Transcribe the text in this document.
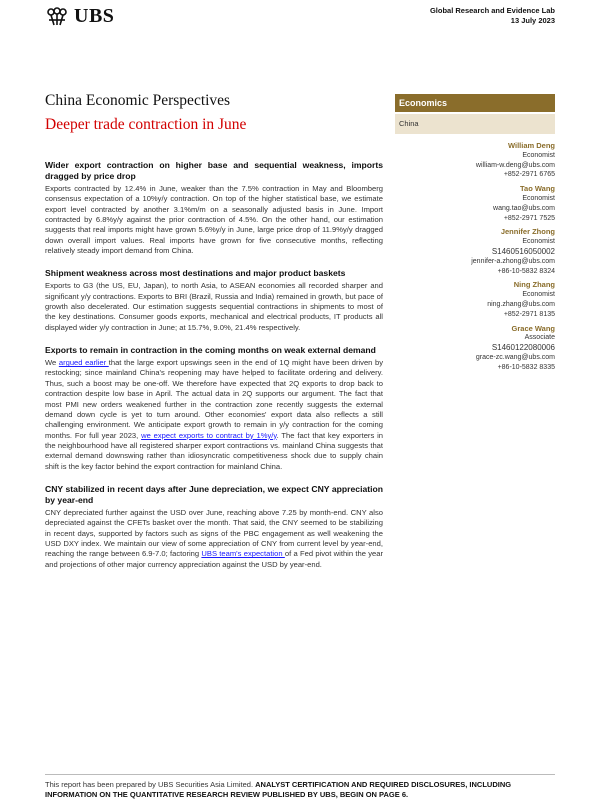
UBS	Global Research and Evidence Lab
13 July 2023
China Economic Perspectives
Deeper trade contraction in June
Economics
China
William Deng
Economist
william-w.deng@ubs.com
+852-2971 6765
Tao Wang
Economist
wang.tao@ubs.com
+852-2971 7525
Jennifer Zhong
Economist
S1460516050002
jennifer-a.zhong@ubs.com
+86-10-5832 8324
Ning Zhang
Economist
ning.zhang@ubs.com
+852-2971 8135
Grace Wang
Associate
S1460122080006
grace-zc.wang@ubs.com
+86-10-5832 8335
Wider export contraction on higher base and sequential weakness, imports dragged by price drop

Exports contracted by 12.4% in June, weaker than the 7.5% contraction in May and Bloomberg consensus expectation of a 10%y/y contraction. On top of the higher statistical base, we estimate export level contracted by another 3.1%m/m on a seasonally adjusted basis in June. Import contracted by 6.8%y/y against the prior contraction of 4.5%. On the other hand, our estimation suggests that real imports might have grown 5.6%y/y in June, large price drop of 11.9%y/y dragged down overall import values. Real imports have grown for five consecutive months, reflecting relatively steady import demand from China.

Shipment weakness across most destinations and major product baskets

Exports to G3 (the US, EU, Japan), to north Asia, to ASEAN economies all recorded sharper and significant y/y contractions. Exports to BRI (Brazil, Russia and India) remained in growth, but pace of growth also decelerated. Our estimation suggests sequential contractions in shipments to most of the key destinations. Consumer goods exports, mechanical and electrical products, IT products all displayed wider y/y contraction in June; at 15.7%, 9.0%, 21.4% respectively.

Exports to remain in contraction in the coming months on weak external demand

We argued earlier that the large export upswings seen in the end of 1Q might have been driven by restocking; since mainland China's reopening may have helped to facilitate ordering and delivery. Thus, such a boost may be one-off. We therefore have expected that 2Q exports to drop back to contraction despite low base in April. The actual data in 2Q supports our argument. The fact that most PMI new orders weakened further in the contraction zone recently suggests the external demand down cycle is yet to turn around. Other economies' export data also reflects a still challenging environment. We anticipate export growth to remain in y/y contraction for the coming months. For full year 2023, we expect exports to contract by 1%y/y. The fact that key exporters in the neighbourhood have all registered sharper export contractions vs. mainland China suggests that external demand downswing rather than idiosyncratic competitiveness shock due to supply chain shift is the key factor behind the export contraction for mainland China.

CNY stabilized in recent days after June depreciation, we expect CNY appreciation by year-end

CNY depreciated further against the USD over June, reaching above 7.25 by month-end. CNY also depreciated against the CFETs basket over the month. That said, the CNY seemed to be stabilizing in recent days, supported by factors such as signs of the PBC engagement as well weakening the USD DXY index. We maintain our view of some appreciation of CNY from current level by year-end, reaching the range between 6.9-7.0; factoring UBS team's expectation of a Fed pivot within the year and projections of other major currency appreciation against the USD by year-end.

This report has been prepared by UBS Securities Asia Limited. ANALYST CERTIFICATION AND REQUIRED DISCLOSURES, INCLUDING INFORMATION ON THE QUANTITATIVE RESEARCH REVIEW PUBLISHED BY UBS, BEGIN ON PAGE 6.
